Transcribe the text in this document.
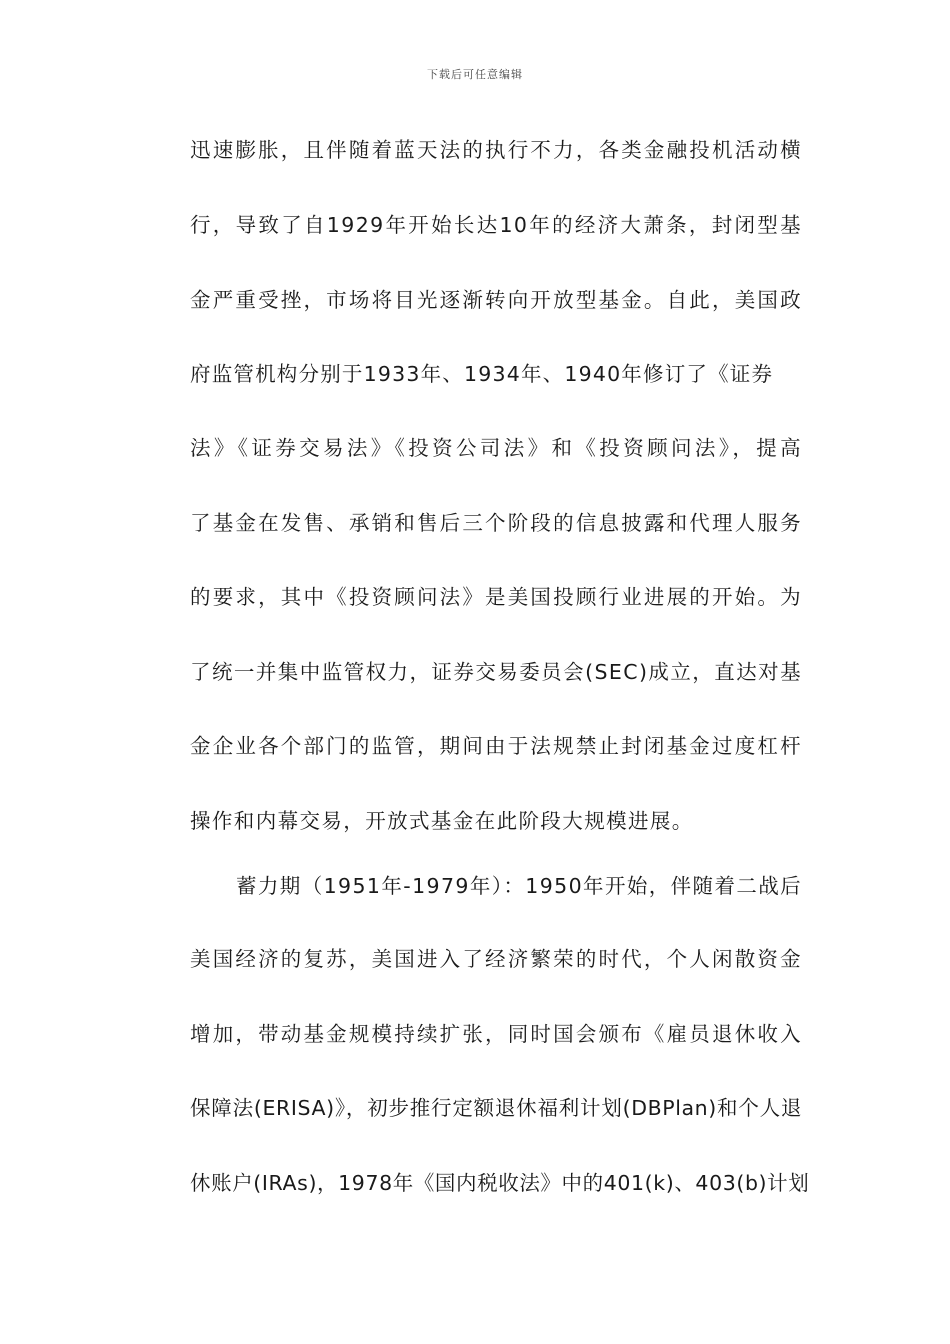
下载后可任意编辑
迅速膨胀，且伴随着蓝天法的执行不力，各类金融投机活动横
行，导致了自1929年开始长达10年的经济大萧条，封闭型基
金严重受挫，市场将目光逐渐转向开放型基金。自此，美国政
府监管机构分别于1933年、1934年、1940年修订了《证券
法》《证券交易法》《投资公司法》和《投资顾问法》，提高
了基金在发售、承销和售后三个阶段的信息披露和代理人服务
的要求，其中《投资顾问法》是美国投顾行业进展的开始。为
了统一并集中监管权力，证券交易委员会(SEC)成立，直达对基
金企业各个部门的监管，期间由于法规禁止封闭基金过度杠杆
操作和内幕交易，开放式基金在此阶段大规模进展。
蓄力期（1951年-1979年）：1950年开始，伴随着二战后
美国经济的复苏，美国进入了经济繁荣的时代，个人闲散资金
增加，带动基金规模持续扩张，同时国会颁布《雇员退休收入
保障法(ERISA)》，初步推行定额退休福利计划(DBPlan)和个人退
休账户(IRAs)，1978年《国内税收法》中的401(k)、403(b)计划
